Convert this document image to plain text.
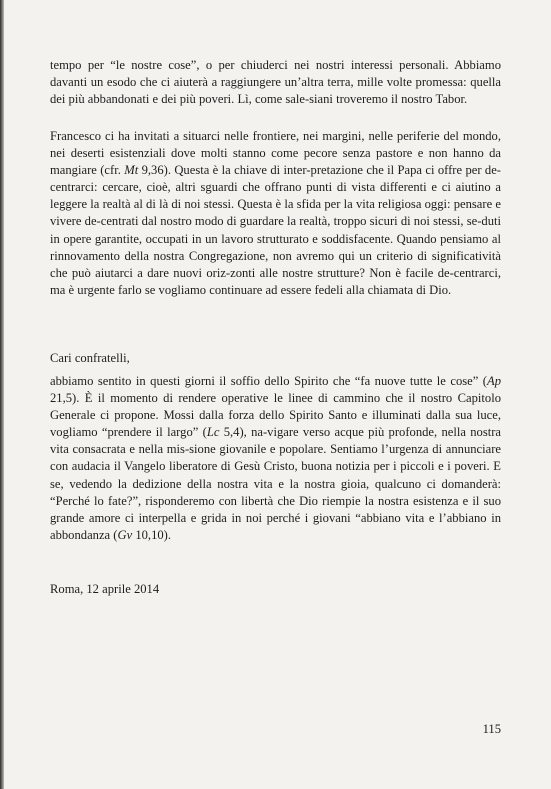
tempo per “le nostre cose”, o per chiuderci nei nostri interessi personali. Abbiamo davanti un esodo che ci aiuterà a raggiungere un’altra terra, mille volte promessa: quella dei più abbandonati e dei più poveri. Lì, come sale-siani troveremo il nostro Tabor.

Francesco ci ha invitati a situarci nelle frontiere, nei margini, nelle periferie del mondo, nei deserti esistenziali dove molti stanno come pecore senza pastore e non hanno da mangiare (cfr. Mt 9,36). Questa è la chiave di inter-pretazione che il Papa ci offre per de-centrarci: cercare, cioè, altri sguardi che offrano punti di vista differenti e ci aiutino a leggere la realtà al di là di noi stessi. Questa è la sfida per la vita religiosa oggi: pensare e vivere de-centrati dal nostro modo di guardare la realtà, troppo sicuri di noi stessi, se-duti in opere garantite, occupati in un lavoro strutturato e soddisfacente. Quando pensiamo al rinnovamento della nostra Congregazione, non avremo qui un criterio di significatività che può aiutarci a dare nuovi oriz-zonti alle nostre strutture? Non è facile de-centrarci, ma è urgente farlo se vogliamo continuare ad essere fedeli alla chiamata di Dio.

Cari confratelli,

abbiamo sentito in questi giorni il soffio dello Spirito che “fa nuove tutte le cose” (Ap 21,5). È il momento di rendere operative le linee di cammino che il nostro Capitolo Generale ci propone. Mossi dalla forza dello Spirito Santo e illuminati dalla sua luce, vogliamo “prendere il largo” (Lc 5,4), na-vigare verso acque più profonde, nella nostra vita consacrata e nella mis-sione giovanile e popolare. Sentiamo l’urgenza di annunciare con audacia il Vangelo liberatore di Gesù Cristo, buona notizia per i piccoli e i poveri. E se, vedendo la dedizione della nostra vita e la nostra gioia, qualcuno ci domanderà: “Perché lo fate?”, risponderemo con libertà che Dio riempie la nostra esistenza e il suo grande amore ci interpella e grida in noi perché i giovani “abbiano vita e l’abbiano in abbondanza (Gv 10,10).

Roma, 12 aprile 2014

115
